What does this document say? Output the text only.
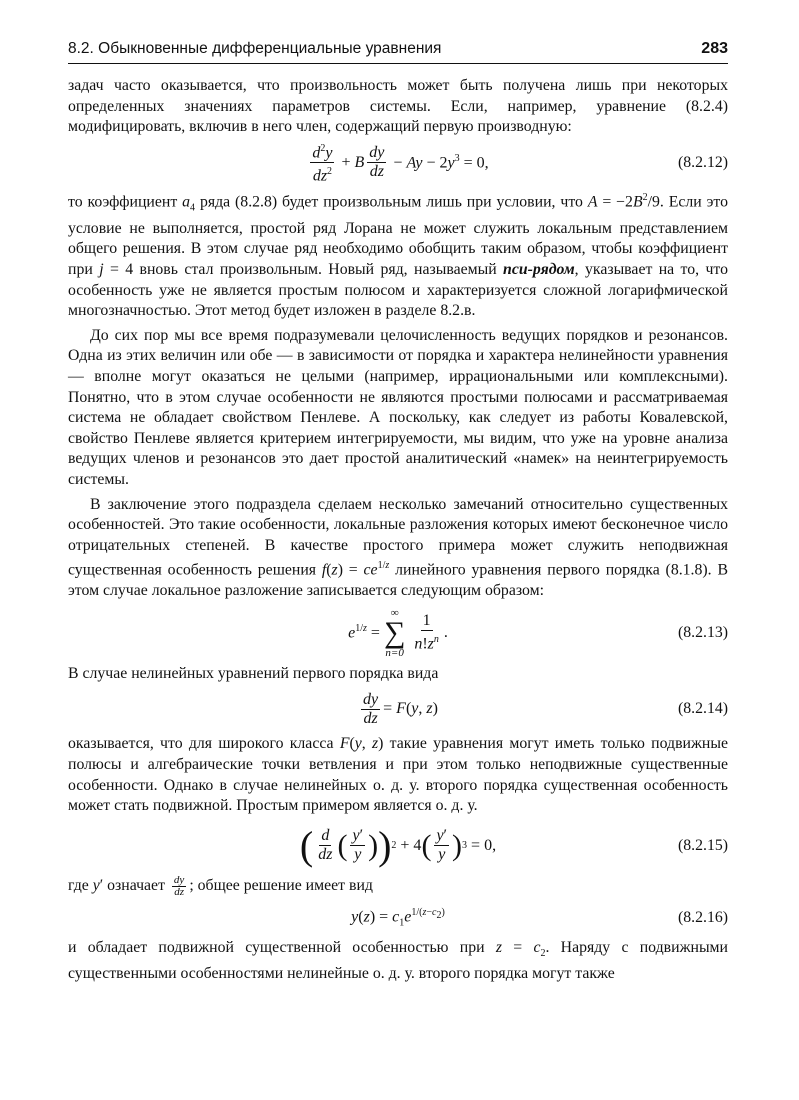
8.2. Обыкновенные дифференциальные уравнения	283

задач часто оказывается, что произвольность может быть получена лишь при некоторых определенных значениях параметров системы. Если, например, уравнение (8.2.4) модифицировать, включив в него член, содержащий первую производную:

$\frac{d^2y}{dz^2} + B \frac{dy}{dz} - Ay - 2y^3 = 0$,	(8.2.12)

то коэффициент $a_4$ ряда (8.2.8) будет произвольным лишь при условии, что $A = -2B^2/9$. Если это условие не выполняется, простой ряд Лорана не может служить локальным представлением общего решения. В этом случае ряд необходимо обобщить таким образом, чтобы коэффициент при j = 4 вновь стал произвольным. Новый ряд, называемый пси-рядом, указывает на то, что особенность уже не является простым полюсом и характеризуется сложной логарифмической многозначностью. Этот метод будет изложен в разделе 8.2.в.

До сих пор мы все время подразумевали целочисленность ведущих порядков и резонансов. Одна из этих величин или обе — в зависимости от порядка и характера нелинейности уравнения — вполне могут оказаться не целыми (например, иррациональными или комплексными). Понятно, что в этом случае особенности не являются простыми полюсами и рассматриваемая система не обладает свойством Пенлеве. А поскольку, как следует из работы Ковалевской, свойство Пенлеве является критерием интегрируемости, мы видим, что уже на уровне анализа ведущих членов и резонансов это дает простой аналитический «намек» на неинтегрируемость системы.

В заключение этого подраздела сделаем несколько замечаний относительно существенных особенностей. Это такие особенности, локальные разложения которых имеют бесконечное число отрицательных степеней. В качестве простого примера может служить неподвижная существенная особенность решения $f(z) = ce^{1/z}$ линейного уравнения первого порядка (8.1.8). В этом случае локальное разложение записывается следующим образом:

$e^{1/z}$ =
∞
∑
$n=0 \frac{1}{n!z^n}$ .	(8.2.13)

В случае нелинейных уравнений первого порядка вида

$\frac{dy}{dz} = F(y$, z)	(8.2.14)

оказывается, что для широкого класса F(y, z) такие уравнения могут иметь только подвижные полюсы и алгебраические точки ветвления и при этом только неподвижные существенные особенности. Однако в случае нелинейных о. д. у. второго порядка существенная особенность может стать подвижной. Простым примером является о. д. у.

( $\frac{d}{dz}$ ( $\frac{y'}{y}$ ) ) 2 + 4 ( $\frac{y'}{y}$ ) 3 = 0,	(8.2.15)

где y′ означает $\frac{dy}{dz}$ ; общее решение имеет вид

$y(z) = c_1e^{1/(z-c_2)}$	(8.2.16)

и обладает подвижной существенной особенностью при $z = c_2$. Наряду с подвижными существенными особенностями нелинейные о. д. у. второго порядка могут также
